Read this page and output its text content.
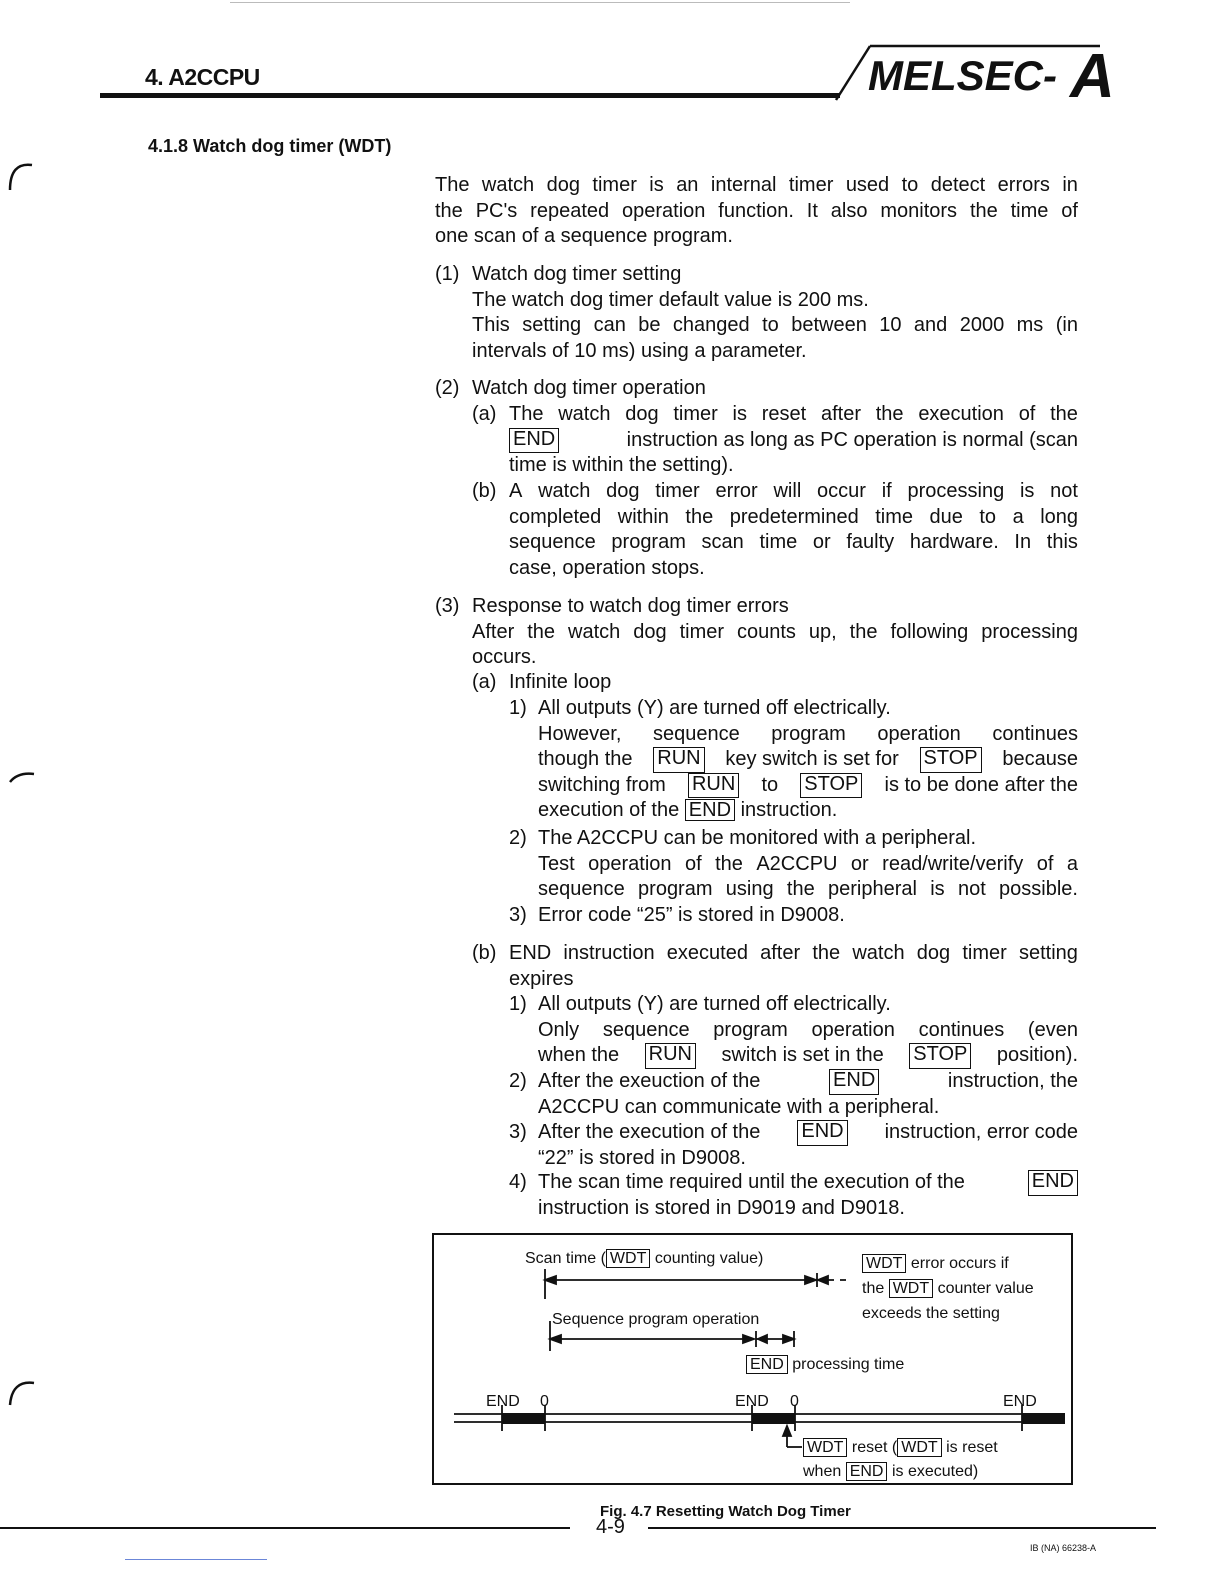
4. A2CCPU	MELSEC- A
4.1.8 Watch dog timer (WDT)
The watch dog timer is an internal timer used to detect errors in
the PC's repeated operation function. It also monitors the time of
one scan of a sequence program.
(1) Watch dog timer setting
The watch dog timer default value is 200 ms.
This setting can be changed to between 10 and 2000 ms (in
intervals of 10 ms) using a parameter.
(2) Watch dog timer operation
(a) The watch dog timer is reset after the execution of the
END	instruction as long as PC operation is normal (scan
time is within the setting).
(b) A watch dog timer error will occur if processing is not
completed within the predetermined time due to a long
sequence program scan time or faulty hardware. In this
case, operation stops.
(3) Response to watch dog timer errors
After the watch dog timer counts up, the following processing
occurs.
(a) Infinite loop
1) All outputs (Y) are turned off electrically.
However, sequence program operation continues
though the RUN key switch is set for STOP because
switching from RUN to STOP is to be done after the
execution of the END instruction.
2) The A2CCPU can be monitored with a peripheral.
Test operation of the A2CCPU or read/write/verify of a
sequence program using the peripheral is not possible.
3) Error code “25” is stored in D9008.
(b) END instruction executed after the watch dog timer setting
expires
1) All outputs (Y) are turned off electrically.
Only sequence program operation continues (even
when the RUN switch is set in the STOP position).
2) After the exeuction of the	END	instruction, the
A2CCPU can communicate with a peripheral.
3) After the execution of the END instruction, error code
“22” is stored in D9008.
4) The scan time required until the execution of the	END
instruction is stored in D9019 and D9018.
Scan time ( WDT counting value)	WDT error occurs if
the WDT counter value
exceeds the setting
Sequence program operation
END processing time
END 0	END 0	END
WDT reset ( WDT is reset
when END is executed)
Fig. 4.7 Resetting Watch Dog Timer
4-9
IB (NA) 66238-A
